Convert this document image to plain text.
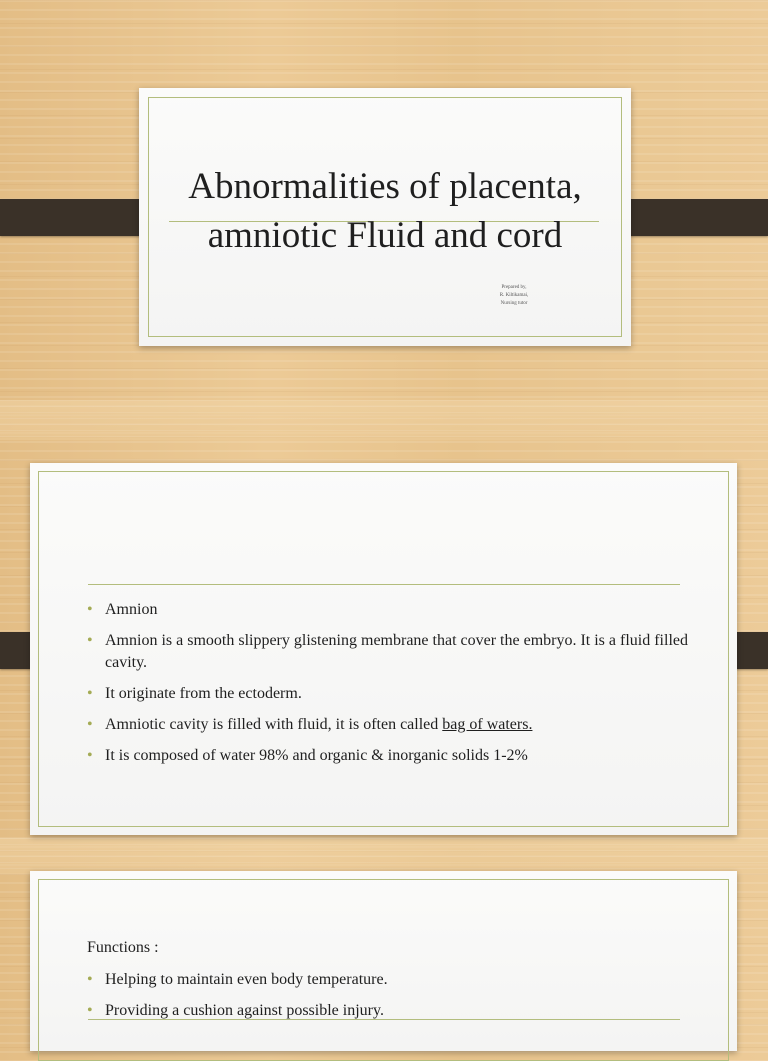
Abnormalities of placenta,
amniotic Fluid and cord
Prepared by,
R. Kiltikamai,
Nursing tutor
• Amnion
• Amnion is a smooth slippery glistening membrane that cover the embryo. It is a fluid filled cavity.
• It originate from the ectoderm.
• Amniotic cavity is filled with fluid, it is often called bag of waters.
• It is composed of water 98% and organic & inorganic solids 1-2%
Functions :
• Helping to maintain even body temperature.
• Providing a cushion against possible injury.
